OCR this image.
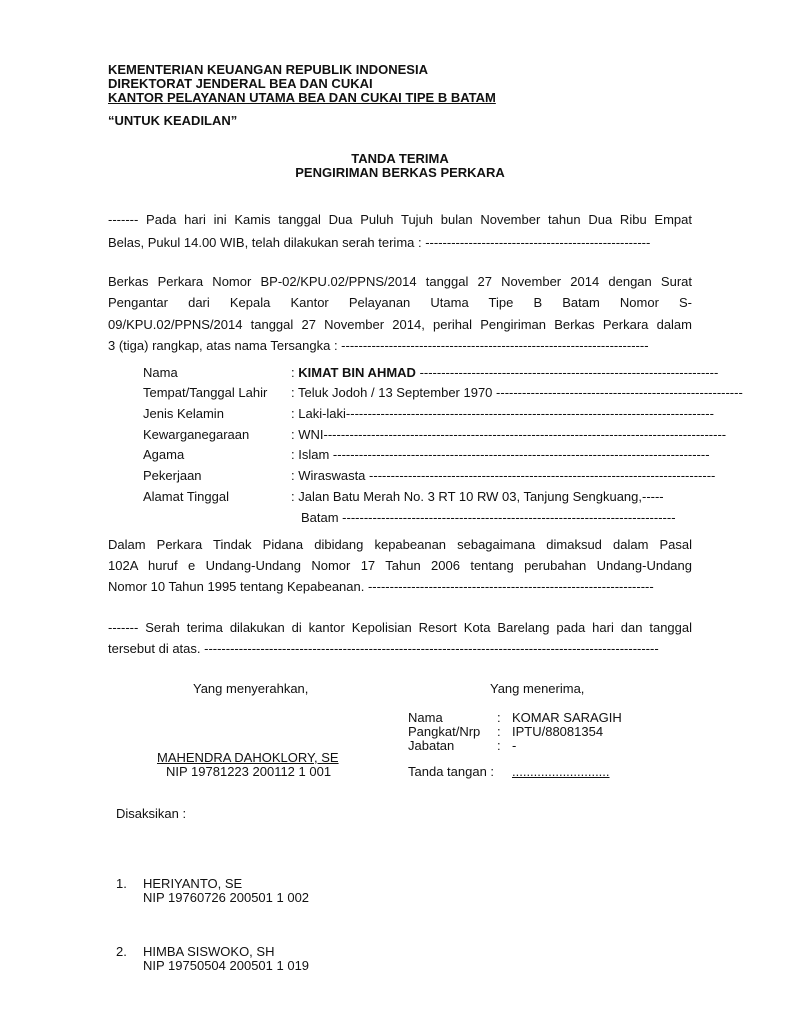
KEMENTERIAN KEUANGAN REPUBLIK INDONESIA
DIREKTORAT JENDERAL BEA DAN CUKAI
KANTOR PELAYANAN UTAMA BEA DAN CUKAI TIPE B BATAM
“UNTUK KEADILAN”
TANDA TERIMA
PENGIRIMAN BERKAS PERKARA
------- Pada hari ini Kamis tanggal Dua Puluh Tujuh bulan November tahun Dua Ribu Empat
Belas, Pukul 14.00 WIB, telah dilakukan serah terima : ----------------------------------------------------
Berkas Perkara Nomor BP-02/KPU.02/PPNS/2014 tanggal 27 November 2014 dengan Surat
Pengantar dari Kepala Kantor Pelayanan Utama Tipe B Batam Nomor S-
09/KPU.02/PPNS/2014 tanggal 27 November 2014, perihal Pengiriman Berkas Perkara dalam
3 (tiga) rangkap, atas nama Tersangka : -----------------------------------------------------------------------
Nama	: KIMAT BIN AHMAD ---------------------------------------------------------------------
Tempat/Tanggal Lahir : Teluk Jodoh / 13 September 1970 ---------------------------------------------------------
Jenis Kelamin	: Laki-laki-------------------------------------------------------------------------------------
Kewarganegaraan	: WNI---------------------------------------------------------------------------------------------
Agama	: Islam ---------------------------------------------------------------------------------------
Pekerjaan	: Wiraswasta --------------------------------------------------------------------------------
Alamat Tinggal	: Jalan Batu Merah No. 3 RT 10 RW 03, Tanjung Sengkuang,-----
Batam -----------------------------------------------------------------------------
Dalam Perkara Tindak Pidana dibidang kepabeanan sebagaimana dimaksud dalam Pasal
102A huruf e Undang-Undang Nomor 17 Tahun 2006 tentang perubahan Undang-Undang
Nomor 10 Tahun 1995 tentang Kepabeanan. ------------------------------------------------------------------
------- Serah terima dilakukan di kantor Kepolisian Resort Kota Barelang pada hari dan tanggal
tersebut di atas. ---------------------------------------------------------------------------------------------------------
Yang menyerahkan,	Yang menerima,
Nama	: KOMAR SARAGIH
Pangkat/Nrp : IPTU/88081354
Jabatan	: -
Tanda tangan : ...........................
MAHENDRA DAHOKLORY, SE
NIP 19781223 200112 1 001
Disaksikan :
1. HERIYANTO, SE
NIP 19760726 200501 1 002
2. HIMBA SISWOKO, SH
NIP 19750504 200501 1 019
